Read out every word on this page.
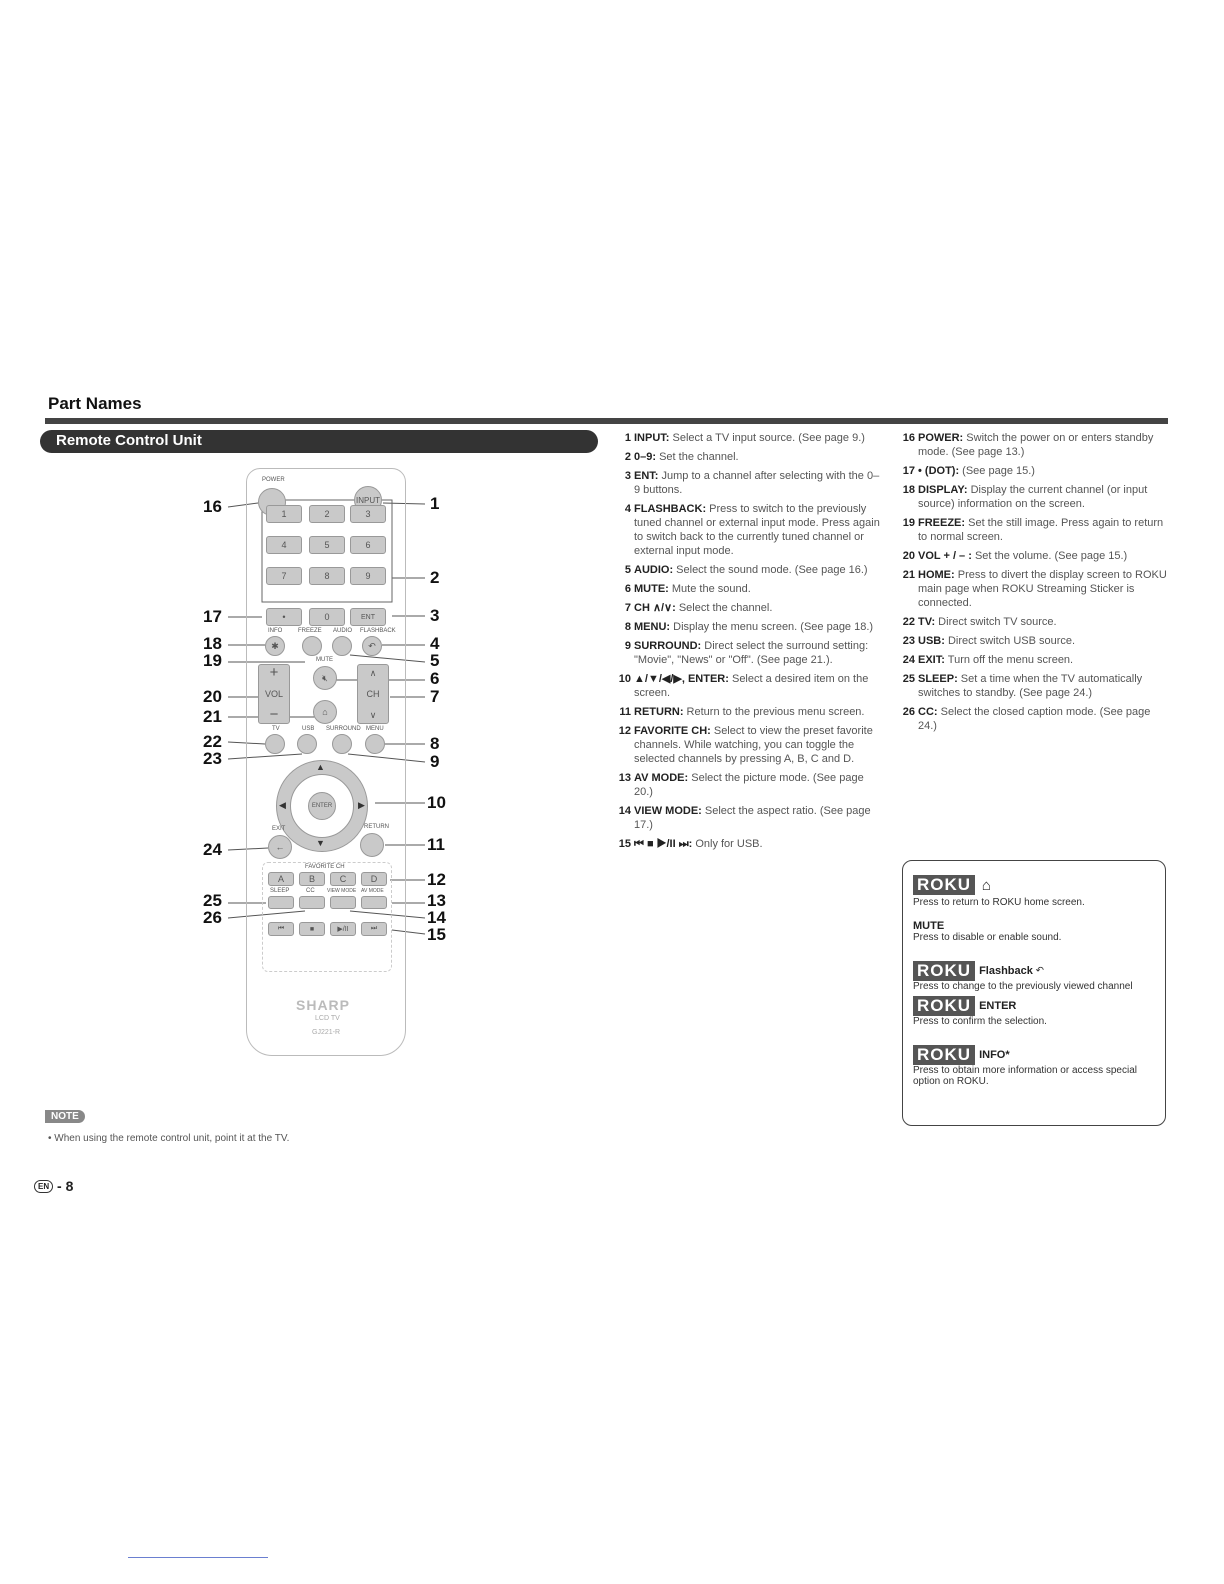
Part Names
Remote Control Unit
POWER
INPUT
1	2	3
4	5	6
7	8	9
•	0	ENT
INFO	FREEZE AUDIO FLASHBACK
✱	↶
+
VOL
−
MUTE
🔇︎
⌂
∧
CH
∨
TV	USB SURROUND MENU
ENTER
▲
▼
◀	▶
EXIT	RETURN
←
FAVORITE CH
A	B	C	D
SLEEP	CC VIEW MODE AV MODE
⏮	■	▶/II	⏭
SHARP
LCD TV
GJ221-R
16
17
18
19
20
21
22
23
24
25
26
1
2
3
4
5
6
7
8
9
10
11
12
13
14
15
1 INPUT: Select a TV input source. (See page 9.)
2 0–9: Set the channel.
3 ENT: Jump to a channel after selecting with the 0–9 buttons.
4 FLASHBACK: Press to switch to the previously tuned channel or external input mode. Press again to switch back to the currently tuned channel or external input mode.
5 AUDIO: Select the sound mode. (See page 16.)
6 MUTE: Mute the sound.
7 CH ∧/∨: Select the channel.
8 MENU: Display the menu screen. (See page 18.)
9 SURROUND: Direct select the surround setting: "Movie", "News" or "Off". (See page 21.).
10 ▲/▼/◀/▶, ENTER: Select a desired item on the screen.
11 RETURN: Return to the previous menu screen.
12 FAVORITE CH: Select to view the preset favorite channels. While watching, you can toggle the selected channels by pressing A, B, C and D.
13 AV MODE: Select the picture mode. (See page 20.)
14 VIEW MODE: Select the aspect ratio. (See page 17.)
15 ⏮ ■ ▶/II ⏭: Only for USB.
16 POWER: Switch the power on or enters standby mode. (See page 13.)
17 • (DOT): (See page 15.)
18 DISPLAY: Display the current channel (or input source) information on the screen.
19 FREEZE: Set the still image. Press again to return to normal screen.
20 VOL + / – : Set the volume. (See page 15.)
21 HOME: Press to divert the display screen to ROKU main page when ROKU Streaming Sticker is connected.
22 TV: Direct switch TV source.
23 USB: Direct switch USB source.
24 EXIT: Turn off the menu screen.
25 SLEEP: Set a time when the TV automatically switches to standby. (See page 24.)
26 CC: Select the closed caption mode. (See page 24.)
ROKU ⌂
Press to return to ROKU home screen.
MUTE
Press to disable or enable sound.
ROKU Flashback ↶
Press to change to the previously viewed channel
ROKU ENTER
Press to confirm the selection.
ROKU INFO*
Press to obtain more information or access special option on ROKU.
NOTE
• When using the remote control unit, point it at the TV.
EN - 8
